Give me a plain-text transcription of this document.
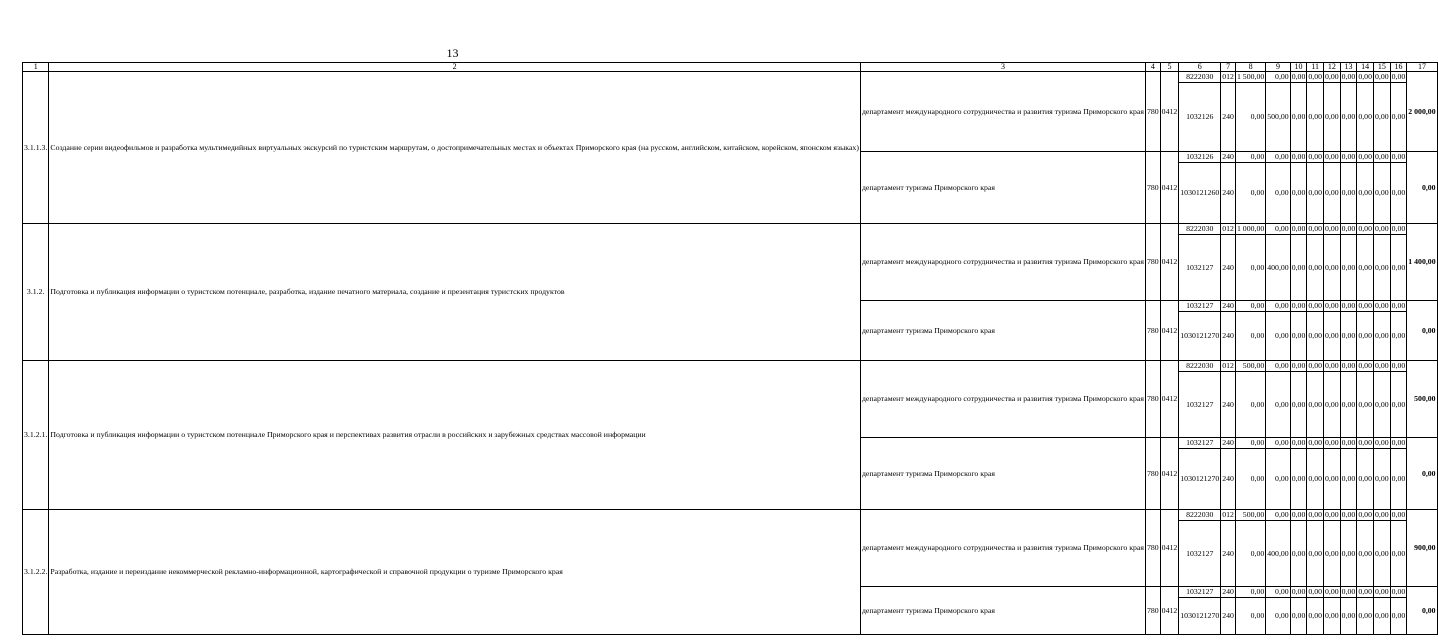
13
1	2	3	4	5	6	7	8	9	10	11	12	13	14	15	16	17
3.1.1.3.	Создание серии видеофильмов и разработка мультимедийных виртуальных экскурсий по туристским маршрутам, о достопримечательных местах и объектах Приморского края (на русском, английском, китайском, корейском, японском языках)	департамент международного сотрудничества и развития туризма Приморского края	780	0412	8222030	012	1 500,00	0,00	0,00	0,00	0,00	0,00	0,00	0,00	0,00	2 000,00
					1032126	240	0,00	500,00	0,00	0,00	0,00	0,00	0,00	0,00	0,00	
		департамент туризма Приморского края	780	0412	1032126	240	0,00	0,00	0,00	0,00	0,00	0,00	0,00	0,00	0,00	0,00
					1030121260	240	0,00	0,00	0,00	0,00	0,00	0,00	0,00	0,00	0,00	
3.1.2.	Подготовка и публикация информации о туристском потенциале, разработка, издание печатного материала, создание и презентация туристских продуктов	департамент международного сотрудничества и развития туризма Приморского края	780	0412	8222030	012	1 000,00	0,00	0,00	0,00	0,00	0,00	0,00	0,00	0,00	1 400,00
					1032127	240	0,00	400,00	0,00	0,00	0,00	0,00	0,00	0,00	0,00	
		департамент туризма Приморского края	780	0412	1032127	240	0,00	0,00	0,00	0,00	0,00	0,00	0,00	0,00	0,00	0,00
					1030121270	240	0,00	0,00	0,00	0,00	0,00	0,00	0,00	0,00	0,00	
3.1.2.1.	Подготовка и публикация информации о туристском потенциале Приморского края и перспективах развития отрасли в российских и зарубежных средствах массовой информации	департамент международного сотрудничества и развития туризма Приморского края	780	0412	8222030	012	500,00	0,00	0,00	0,00	0,00	0,00	0,00	0,00	0,00	500,00
					1032127	240	0,00	0,00	0,00	0,00	0,00	0,00	0,00	0,00	0,00	
		департамент туризма Приморского края	780	0412	1032127	240	0,00	0,00	0,00	0,00	0,00	0,00	0,00	0,00	0,00	0,00
					1030121270	240	0,00	0,00	0,00	0,00	0,00	0,00	0,00	0,00	0,00	
3.1.2.2.	Разработка, издание и переиздание некоммерческой рекламно-информационной, картографической и справочной продукции о туризме Приморского края	департамент международного сотрудничества и развития туризма Приморского края	780	0412	8222030	012	500,00	0,00	0,00	0,00	0,00	0,00	0,00	0,00	0,00	900,00
					1032127	240	0,00	400,00	0,00	0,00	0,00	0,00	0,00	0,00	0,00	
		департамент туризма Приморского края	780	0412	1032127	240	0,00	0,00	0,00	0,00	0,00	0,00	0,00	0,00	0,00	0,00
					1030121270	240	0,00	0,00	0,00	0,00	0,00	0,00	0,00	0,00	0,00	
